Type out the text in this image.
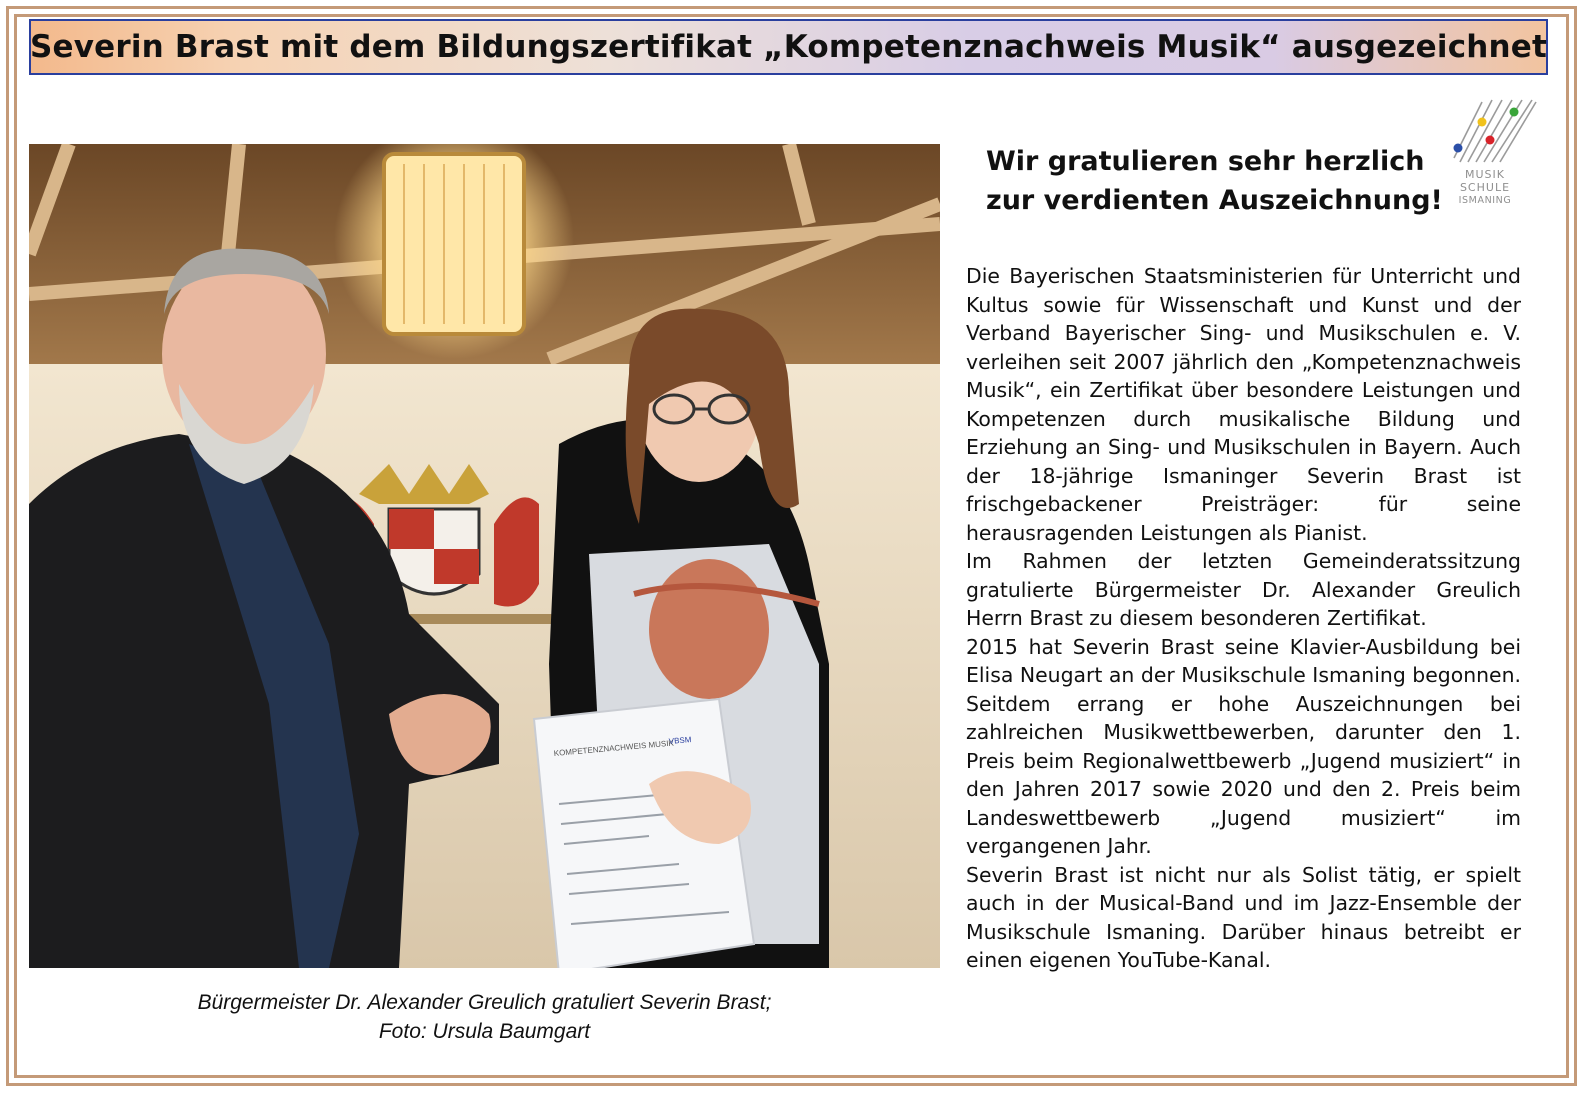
Severin Brast mit dem Bildungszertifikat „Kompetenznachweis Musik“ ausgezeichnet
KOMPETENZNACHWEIS MUSIK
VBSM
Bürgermeister Dr. Alexander Greulich gratuliert Severin Brast;
Foto: Ursula Baumgart
Wir gratulieren sehr herzlich
zur verdienten Auszeichnung!
MUSIK
SCHULE
ISMANING

Die Bayerischen Staatsministerien für Unterricht und Kultus sowie für Wissenschaft und Kunst und der Verband Bayerischer Sing- und Musikschulen e. V. verleihen seit 2007 jährlich den „Kompetenznachweis Musik“, ein Zertifikat über besondere Leistungen und Kompetenzen durch musikalische Bildung und Erziehung an Sing- und Musikschulen in Bayern. Auch der 18-jährige Ismaninger Severin Brast ist frischgebackener Preisträger: für seine herausragenden Leistungen als Pianist.

Im Rahmen der letzten Gemeinderatssitzung gratulierte Bürgermeister Dr. Alexander Greulich Herrn Brast zu diesem besonderen Zertifikat.

2015 hat Severin Brast seine Klavier-Ausbildung bei Elisa Neugart an der Musikschule Ismaning begonnen. Seitdem errang er hohe Auszeichnungen bei zahlreichen Musikwettbewerben, darunter den 1. Preis beim Regionalwettbewerb „Jugend musiziert“ in den Jahren 2017 sowie 2020 und den 2. Preis beim Landeswettbewerb „Jugend musiziert“ im vergangenen Jahr.

Severin Brast ist nicht nur als Solist tätig, er spielt auch in der Musical-Band und im Jazz-Ensemble der Musikschule Ismaning. Darüber hinaus betreibt er einen eigenen YouTube-Kanal.
